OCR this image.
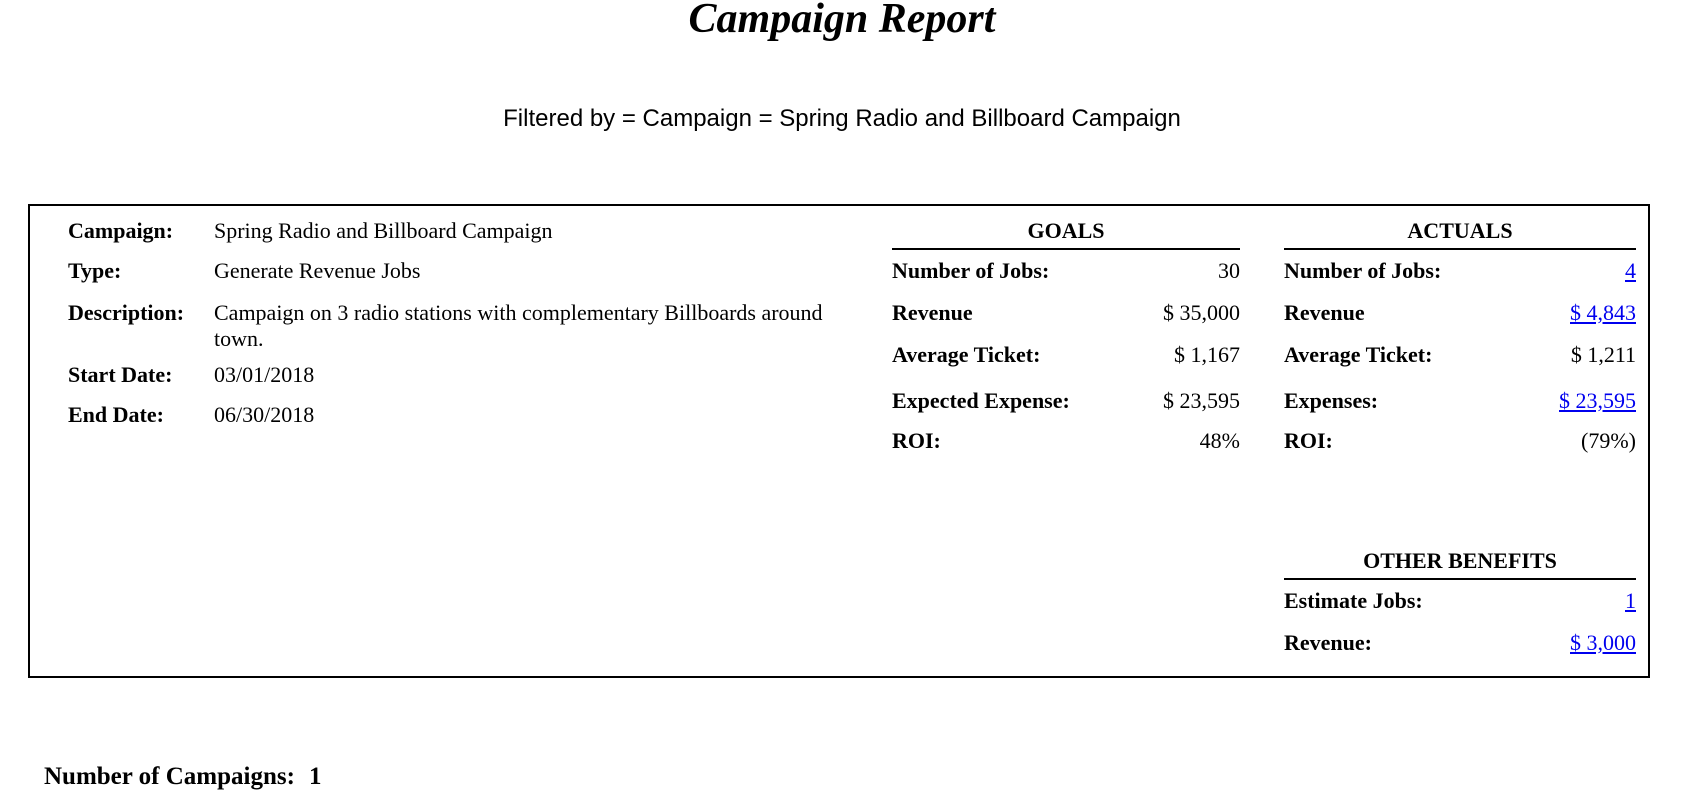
Campaign Report
Filtered by = Campaign = Spring Radio and Billboard Campaign
Campaign: Spring Radio and Billboard Campaign
Type:	Generate Revenue Jobs
Description: Campaign on 3 radio stations with complementary Billboards around town.
Start Date: 03/01/2018
End Date: 06/30/2018
GOALS
Number of Jobs:	30
Revenue	$ 35,000
Average Ticket:	$ 1,167
Expected Expense:	$ 23,595
ROI:	48%
ACTUALS
Number of Jobs:	4
Revenue	$ 4,843
Average Ticket:	$ 1,211
Expenses:	$ 23,595
ROI:	(79%)
OTHER BENEFITS
Estimate Jobs:	1
Revenue:	$ 3,000
Number of Campaigns: 1
